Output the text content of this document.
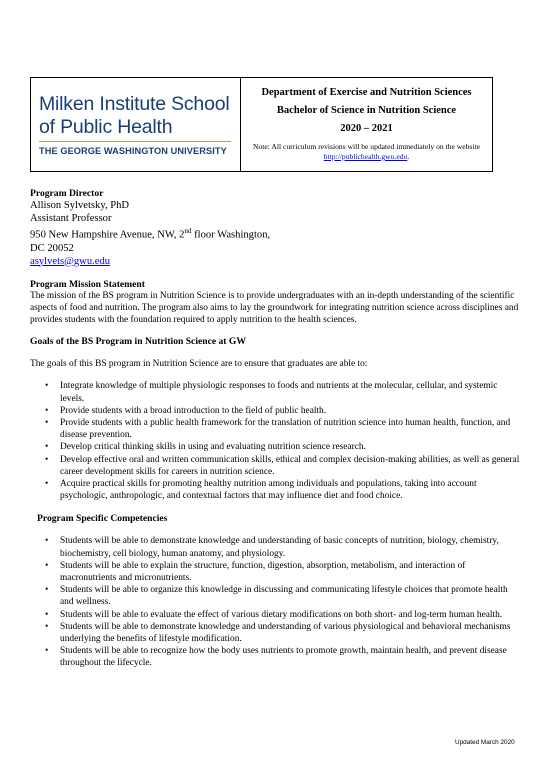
Milken Institute School
of Public Health
THE GEORGE WASHINGTON UNIVERSITY
Department of Exercise and Nutrition Sciences
Bachelor of Science in Nutrition Science
2020 – 2021
Note: All curriculum revisions will be updated immediately on the website http://publichealth.gwu.edu.

Program Director

Allison Sylvetsky, PhD
Assistant Professor
950 New Hampshire Avenue, NW, 2nd floor Washington,
DC 20052
asylvets@gwu.edu

Program Mission Statement

The mission of the BS program in Nutrition Science is to provide undergraduates with an in-depth understanding of the scientific aspects of food and nutrition. The program also aims to lay the groundwork for integrating nutrition science across disciplines and provides students with the foundation required to apply nutrition to the health sciences.

Goals of the BS Program in Nutrition Science at GW

The goals of this BS program in Nutrition Science are to ensure that graduates are able to:

• Integrate knowledge of multiple physiologic responses to foods and nutrients at the molecular, cellular, and systemic levels.
• Provide students with a broad introduction to the field of public health.
• Provide students with a public health framework for the translation of nutrition science into human health, function, and disease prevention.
• Develop critical thinking skills in using and evaluating nutrition science research.
• Develop effective oral and written communication skills, ethical and complex decision-making abilities, as well as general career development skills for careers in nutrition science.
• Acquire practical skills for promoting healthy nutrition among individuals and populations, taking into account psychologic, anthropologic, and contextual factors that may influence diet and food choice.

Program Specific Competencies

• Students will be able to demonstrate knowledge and understanding of basic concepts of nutrition, biology, chemistry, biochemistry, cell biology, human anatomy, and physiology.
• Students will be able to explain the structure, function, digestion, absorption, metabolism, and interaction of macronutrients and micronutrients.
• Students will be able to organize this knowledge in discussing and communicating lifestyle choices that promote health and wellness.
• Students will be able to evaluate the effect of various dietary modifications on both short- and log-term human health.
• Students will be able to demonstrate knowledge and understanding of various physiological and behavioral mechanisms underlying the benefits of lifestyle modification.
• Students will be able to recognize how the body uses nutrients to promote growth, maintain health, and prevent disease throughout the lifecycle.
Updated March 2020
